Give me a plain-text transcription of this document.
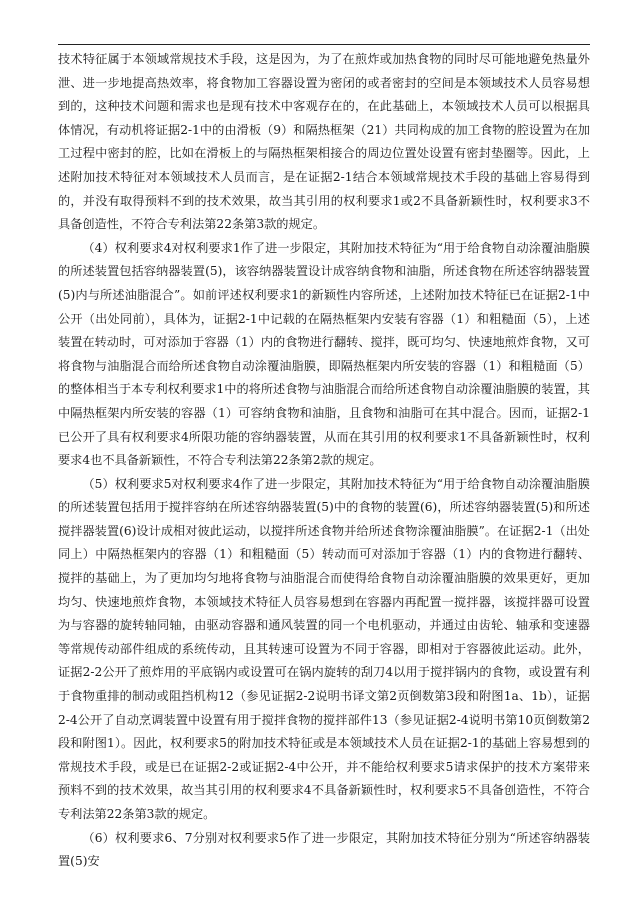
技术特征属于本领域常规技术手段，这是因为，为了在煎炸或加热食物的同时尽可能地避免热量外泄、进一步地提高热效率，将食物加工容器设置为密闭的或者密封的空间是本领域技术人员容易想到的，这种技术问题和需求也是现有技术中客观存在的，在此基础上，本领域技术人员可以根据具体情况，有动机将证据2-1中的由滑板（9）和隔热框架（21）共同构成的加工食物的腔设置为在加工过程中密封的腔，比如在滑板上的与隔热框架相接合的周边位置处设置有密封垫圈等。因此，上述附加技术特征对本领域技术人员而言，是在证据2-1结合本领域常规技术手段的基础上容易得到的，并没有取得预料不到的技术效果，故当其引用的权利要求1或2不具备新颖性时，权利要求3不具备创造性，不符合专利法第22条第3款的规定。

（4）权利要求4对权利要求1作了进一步限定，其附加技术特征为“用于给食物自动涂覆油脂膜的所述装置包括容纳器装置(5)，该容纳器装置设计成容纳食物和油脂，所述食物在所述容纳器装置(5)内与所述油脂混合”。如前评述权利要求1的新颖性内容所述，上述附加技术特征已在证据2-1中公开（出处同前），具体为，证据2-1中记载的在隔热框架内安装有容器（1）和粗糙面（5），上述装置在转动时，可对添加于容器（1）内的食物进行翻转、搅拌，既可均匀、快速地煎炸食物，又可将食物与油脂混合而给所述食物自动涂覆油脂膜，即隔热框架内所安装的容器（1）和粗糙面（5）的整体相当于本专利权利要求1中的将所述食物与油脂混合而给所述食物自动涂覆油脂膜的装置，其中隔热框架内所安装的容器（1）可容纳食物和油脂，且食物和油脂可在其中混合。因而，证据2-1已公开了具有权利要求4所限功能的容纳器装置，从而在其引用的权利要求1不具备新颖性时，权利要求4也不具备新颖性，不符合专利法第22条第2款的规定。

（5）权利要求5对权利要求4作了进一步限定，其附加技术特征为“用于给食物自动涂覆油脂膜的所述装置包括用于搅拌容纳在所述容纳器装置(5)中的食物的装置(6)，所述容纳器装置(5)和所述搅拌器装置(6)设计成相对彼此运动，以搅拌所述食物并给所述食物涂覆油脂膜”。在证据2-1（出处同上）中隔热框架内的容器（1）和粗糙面（5）转动而可对添加于容器（1）内的食物进行翻转、搅拌的基础上，为了更加均匀地将食物与油脂混合而使得给食物自动涂覆油脂膜的效果更好，更加均匀、快速地煎炸食物，本领域技术特征人员容易想到在容器内再配置一搅拌器，该搅拌器可设置为与容器的旋转轴同轴，由驱动容器和通风装置的同一个电机驱动，并通过由齿轮、轴承和变速器等常规传动部件组成的系统传动，且其转速可设置为不同于容器，即相对于容器彼此运动。此外，证据2-2公开了煎炸用的平底锅内或设置可在锅内旋转的刮刀4以用于搅拌锅内的食物，或设置有利于食物重排的制动或阻挡机构12（参见证据2-2说明书译文第2页倒数第3段和附图1a、1b），证据2-4公开了自动烹调装置中设置有用于搅拌食物的搅拌部件13（参见证据2-4说明书第10页倒数第2段和附图1）。因此，权利要求5的附加技术特征或是本领域技术人员在证据2-1的基础上容易想到的常规技术手段，或是已在证据2-2或证据2-4中公开，并不能给权利要求5请求保护的技术方案带来预料不到的技术效果，故当其引用的权利要求4不具备新颖性时，权利要求5不具备创造性，不符合专利法第22条第3款的规定。

（6）权利要求6、7分别对权利要求5作了进一步限定，其附加技术特征分别为“所述容纳器装置(5)安
